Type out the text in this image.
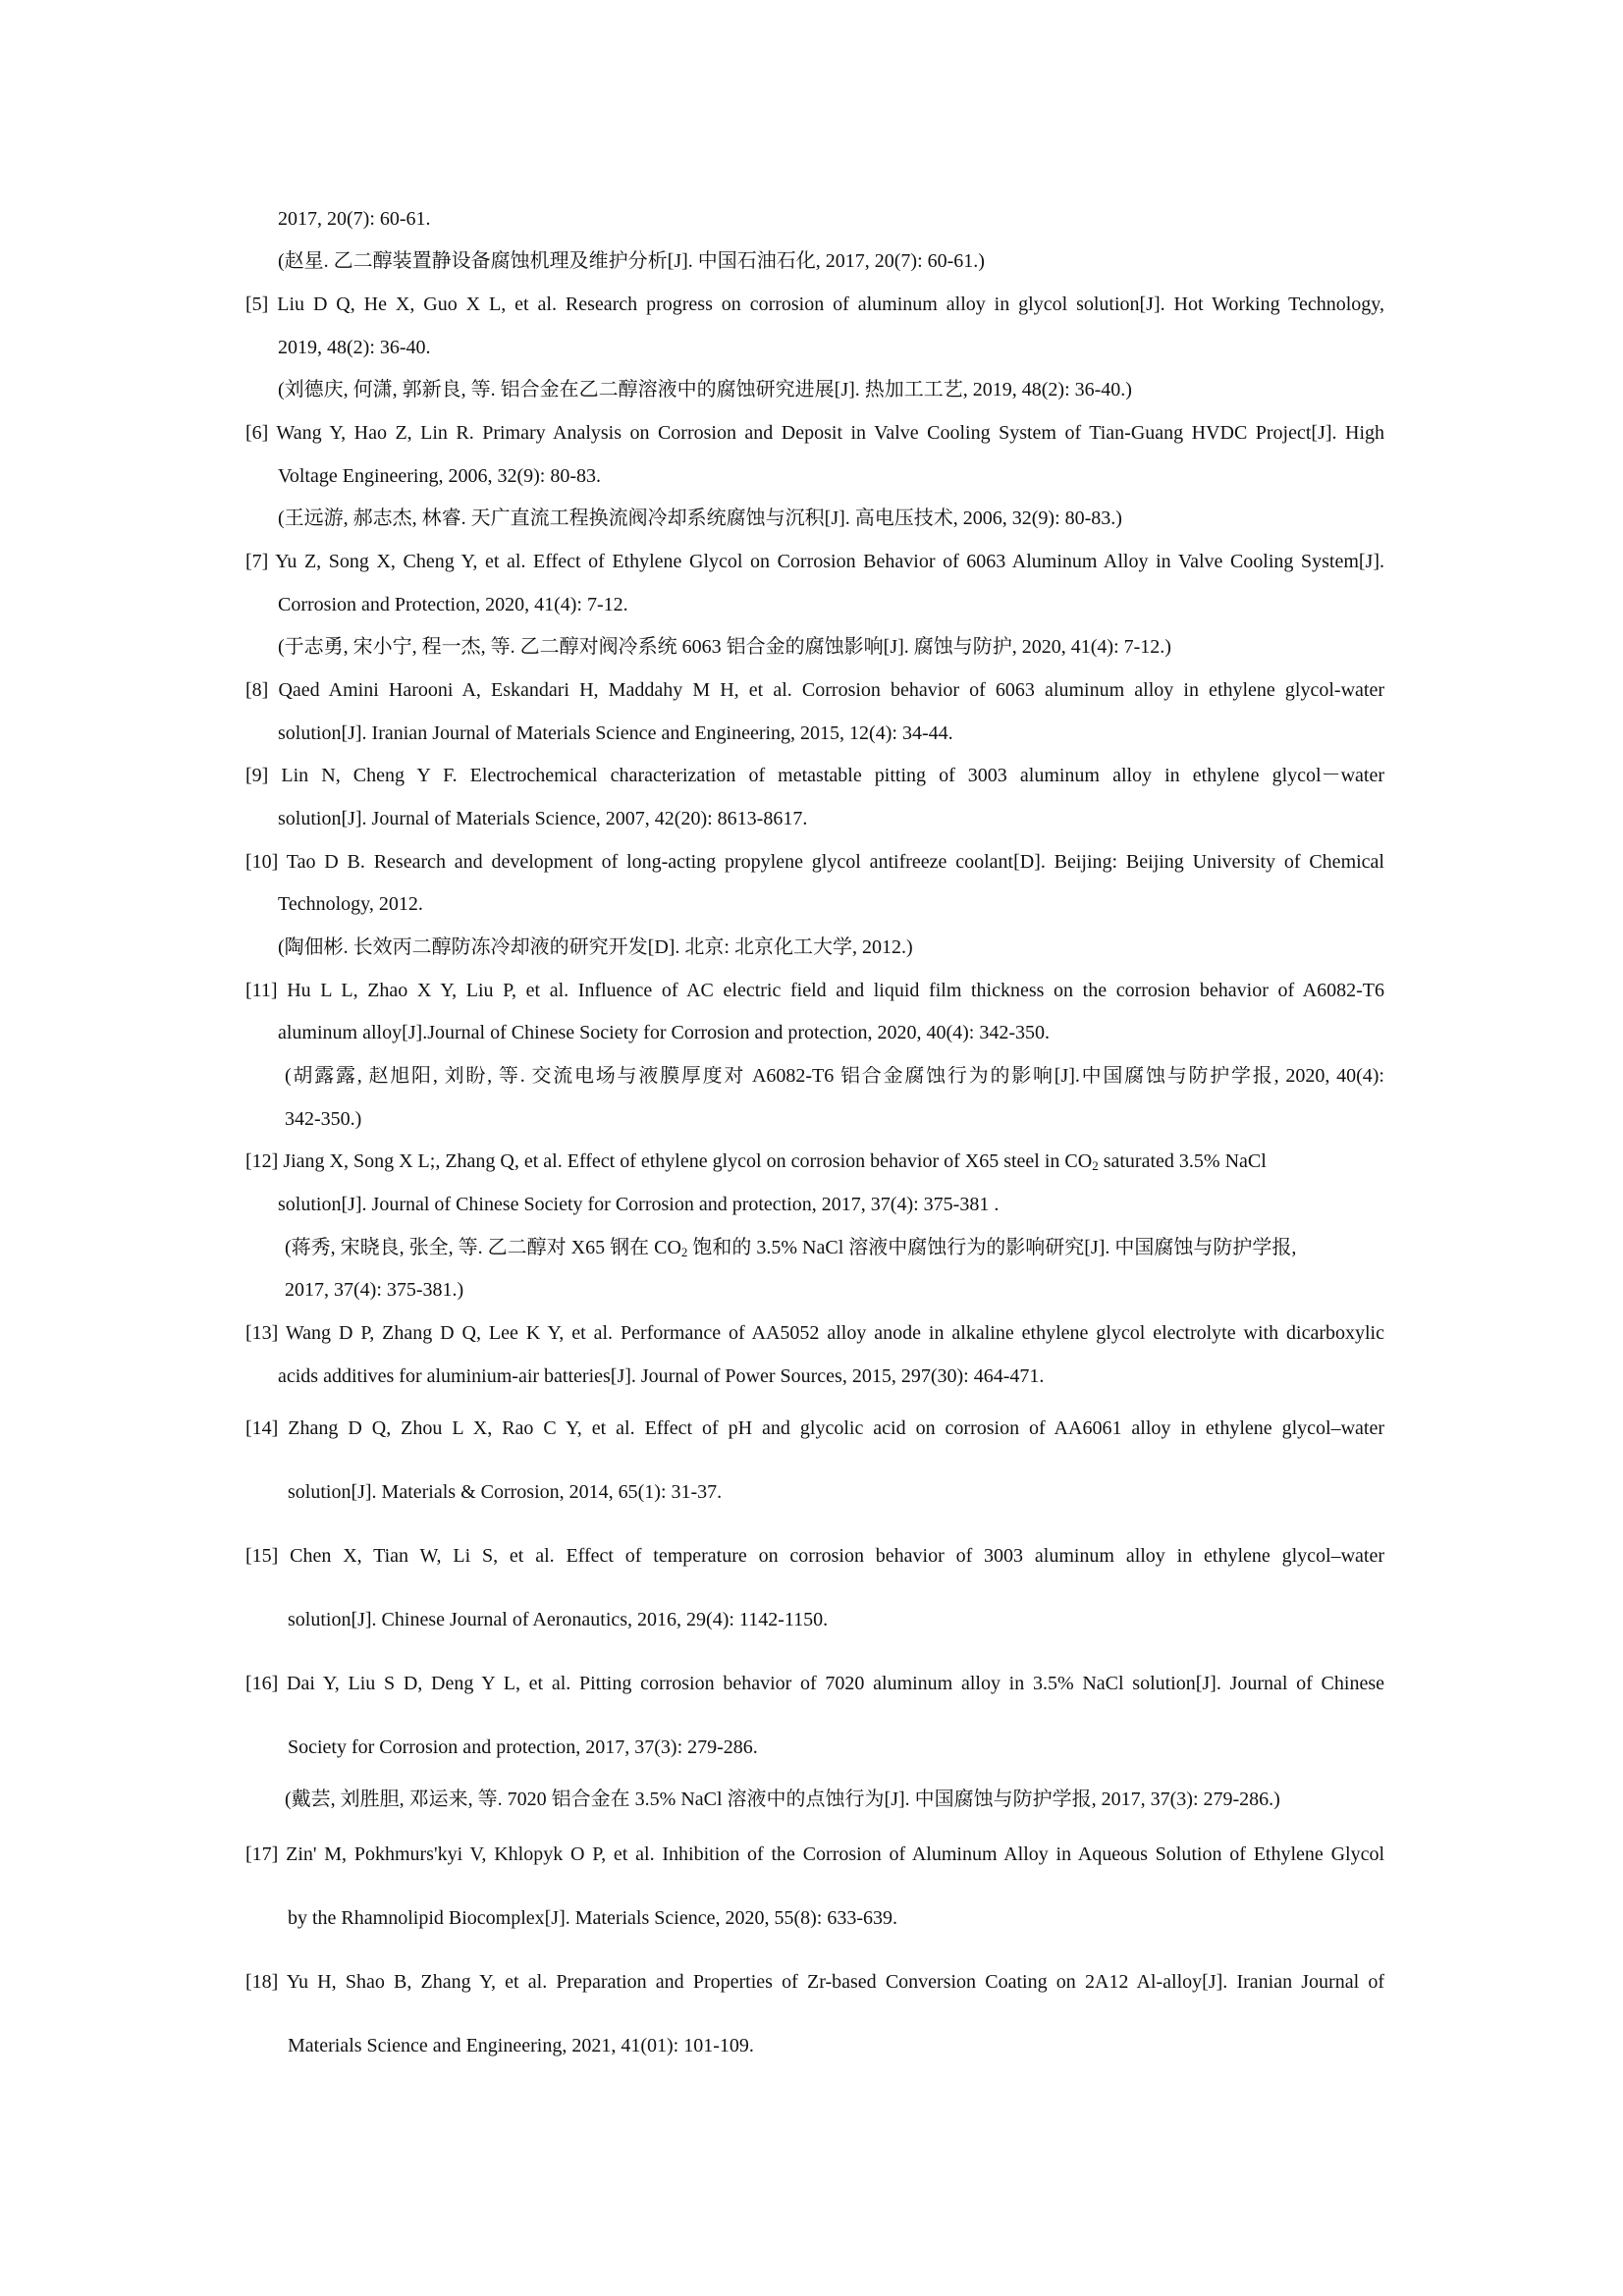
2017, 20(7): 60-61.
(赵星. 乙二醇装置静设备腐蚀机理及维护分析[J]. 中国石油石化, 2017, 20(7): 60-61.)
[5] Liu D Q, He X, Guo X L, et al. Research progress on corrosion of aluminum alloy in glycol solution[J]. Hot Working Technology,
2019, 48(2): 36-40.
(刘德庆, 何潇, 郭新良, 等. 铝合金在乙二醇溶液中的腐蚀研究进展[J]. 热加工工艺, 2019, 48(2): 36-40.)
[6] Wang Y, Hao Z, Lin R. Primary Analysis on Corrosion and Deposit in Valve Cooling System of Tian-Guang HVDC Project[J]. High
Voltage Engineering, 2006, 32(9): 80-83.
(王远游, 郝志杰, 林睿. 天广直流工程换流阀冷却系统腐蚀与沉积[J]. 高电压技术, 2006, 32(9): 80-83.)
[7] Yu Z, Song X, Cheng Y, et al. Effect of Ethylene Glycol on Corrosion Behavior of 6063 Aluminum Alloy in Valve Cooling System[J].
Corrosion and Protection, 2020, 41(4): 7-12.
(于志勇, 宋小宁, 程一杰, 等. 乙二醇对阀冷系统 6063 铝合金的腐蚀影响[J]. 腐蚀与防护, 2020, 41(4): 7-12.)
[8] Qaed Amini Harooni A, Eskandari H, Maddahy M H, et al. Corrosion behavior of 6063 aluminum alloy in ethylene glycol-water
solution[J]. Iranian Journal of Materials Science and Engineering, 2015, 12(4): 34-44.
[9] Lin N, Cheng Y F. Electrochemical characterization of metastable pitting of 3003 aluminum alloy in ethylene glycol－water
solution[J]. Journal of Materials Science, 2007, 42(20): 8613-8617.
[10] Tao D B. Research and development of long-acting propylene glycol antifreeze coolant[D]. Beijing: Beijing University of Chemical
Technology, 2012.
(陶佃彬. 长效丙二醇防冻冷却液的研究开发[D]. 北京: 北京化工大学, 2012.)
[11] Hu L L, Zhao X Y, Liu P, et al. Influence of AC electric field and liquid film thickness on the corrosion behavior of A6082-T6
aluminum alloy[J].Journal of Chinese Society for Corrosion and protection, 2020, 40(4): 342-350.
(胡露露, 赵旭阳, 刘盼, 等. 交流电场与液膜厚度对 A6082-T6 铝合金腐蚀行为的影响[J].中国腐蚀与防护学报, 2020, 40(4):
342-350.)
[12] Jiang X, Song X L;, Zhang Q, et al. Effect of ethylene glycol on corrosion behavior of X65 steel in $CO_2$ saturated 3.5% NaCl
solution[J]. Journal of Chinese Society for Corrosion and protection, 2017, 37(4): 375-381 .
(蒋秀, 宋晓良, 张全, 等. 乙二醇对 X65 钢在 $CO_2$ 饱和的 3.5% NaCl 溶液中腐蚀行为的影响研究[J]. 中国腐蚀与防护学报,
2017, 37(4): 375-381.)
[13] Wang D P, Zhang D Q, Lee K Y, et al. Performance of AA5052 alloy anode in alkaline ethylene glycol electrolyte with dicarboxylic
acids additives for aluminium-air batteries[J]. Journal of Power Sources, 2015, 297(30): 464-471.
[14] Zhang D Q, Zhou L X, Rao C Y, et al. Effect of pH and glycolic acid on corrosion of AA6061 alloy in ethylene glycol–water
solution[J]. Materials & Corrosion, 2014, 65(1): 31-37.
[15] Chen X, Tian W, Li S, et al. Effect of temperature on corrosion behavior of 3003 aluminum alloy in ethylene glycol–water
solution[J]. Chinese Journal of Aeronautics, 2016, 29(4): 1142-1150.
[16] Dai Y, Liu S D, Deng Y L, et al. Pitting corrosion behavior of 7020 aluminum alloy in 3.5% NaCl solution[J]. Journal of Chinese
Society for Corrosion and protection, 2017, 37(3): 279-286.
(戴芸, 刘胜胆, 邓运来, 等. 7020 铝合金在 3.5% NaCl 溶液中的点蚀行为[J]. 中国腐蚀与防护学报, 2017, 37(3): 279-286.)
[17] Zin' M, Pokhmurs'kyi V, Khlopyk O P, et al. Inhibition of the Corrosion of Aluminum Alloy in Aqueous Solution of Ethylene Glycol
by the Rhamnolipid Biocomplex[J]. Materials Science, 2020, 55(8): 633-639.
[18] Yu H, Shao B, Zhang Y, et al. Preparation and Properties of Zr-based Conversion Coating on 2A12 Al-alloy[J]. Iranian Journal of
Materials Science and Engineering, 2021, 41(01): 101-109.
